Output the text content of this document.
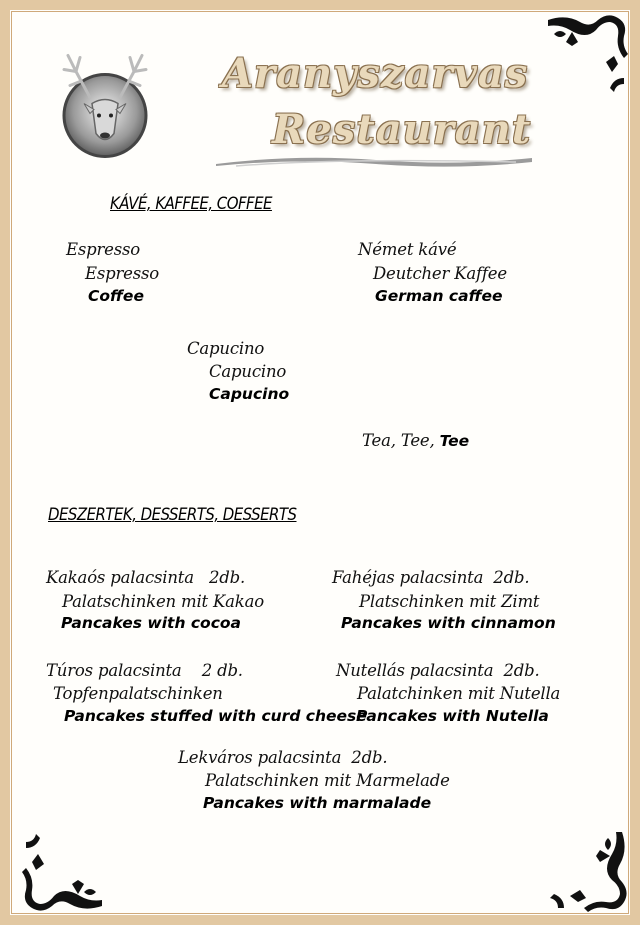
Aranyszarvas
Restaurant
KÁVÉ, KAFFEE, COFFEE
Espresso
Espresso
Coffee
Német kávé
Deutcher Kaffee
German caffee
Capucino
Capucino
Capucino
Tea, Tee, Tee
DESZERTEK, DESSERTS, DESSERTS
Kakaós palacsinta   2db.
Palatschinken mit Kakao
Pancakes with cocoa
Fahéjas palacsinta  2db.
Platschinken mit Zimt
Pancakes with cinnamon
Túros palacsinta    2 db.
Topfenpalatschinken
Pancakes stuffed with curd cheese
Nutellás palacsinta  2db.
Palatchinken mit Nutella
Pancakes with Nutella
Lekváros palacsinta  2db.
Palatschinken mit Marmelade
Pancakes with marmalade
